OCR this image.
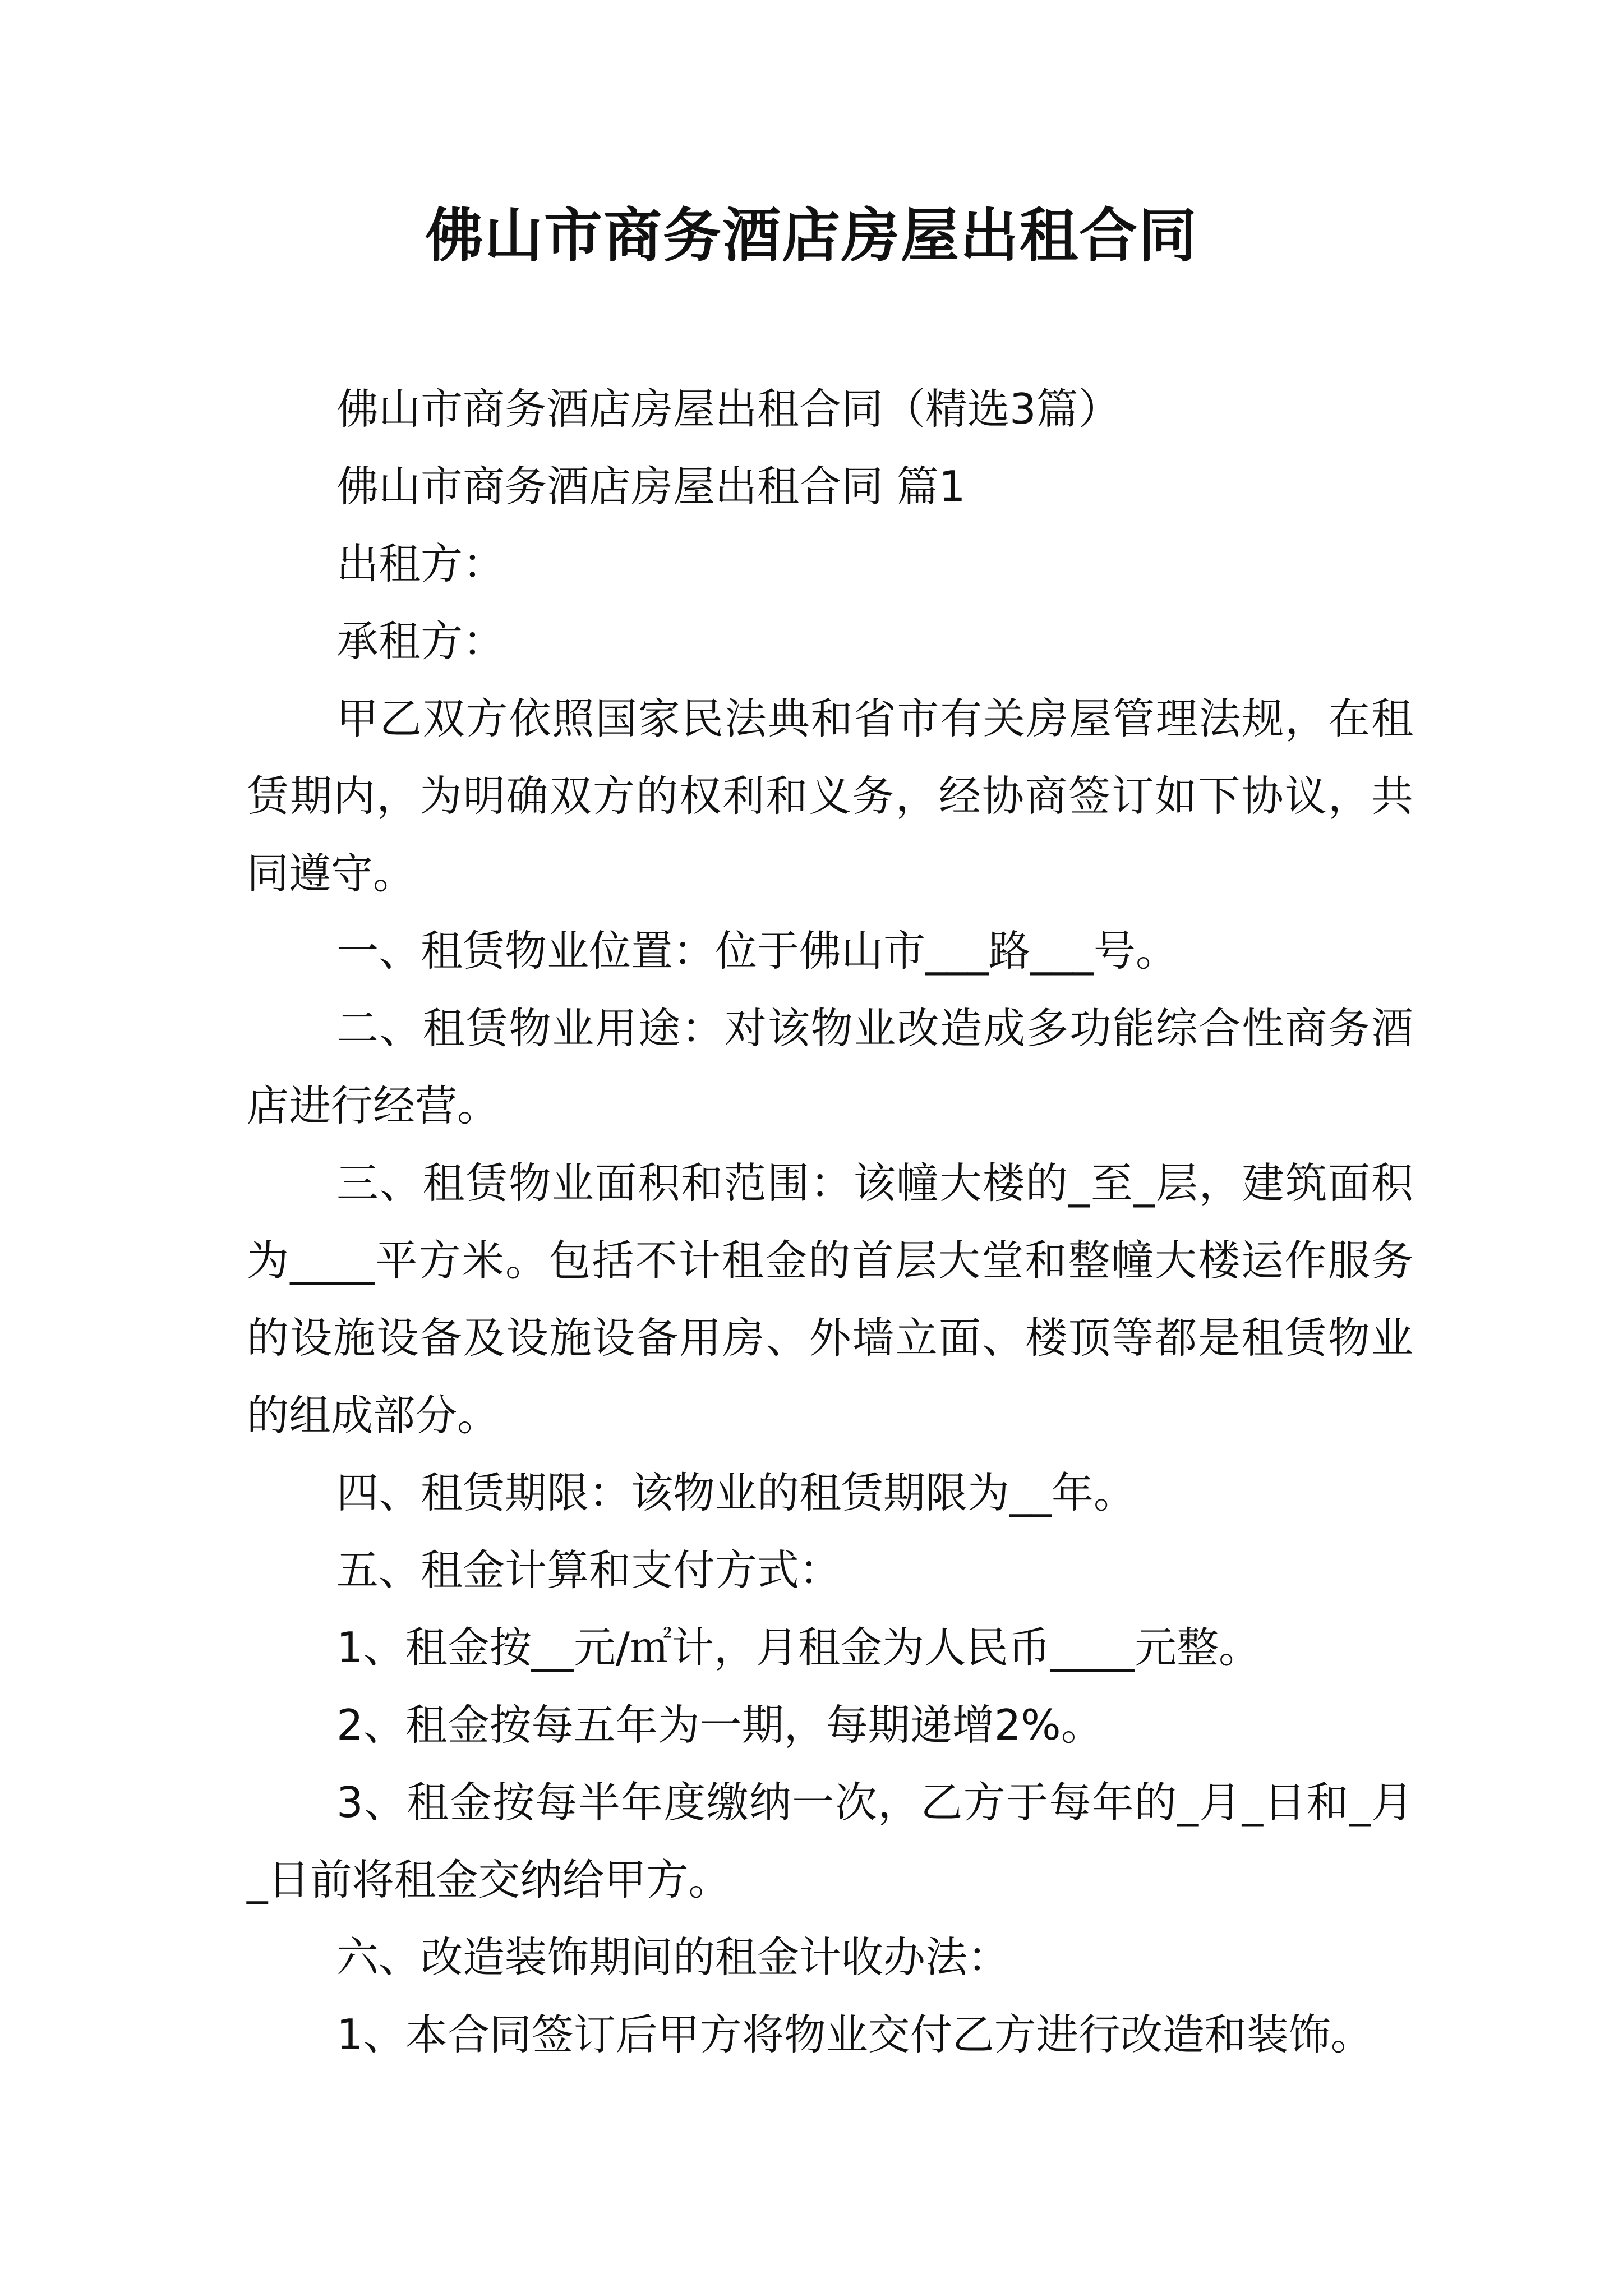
佛山市商务酒店房屋出租合同

佛山市商务酒店房屋出租合同（精选3篇）

佛山市商务酒店房屋出租合同 篇1

出租方：

承租方：

甲乙双方依照国家民法典和省市有关房屋管理法规，在租赁期内，为明确双方的权利和义务，经协商签订如下协议，共同遵守。

一、租赁物业位置：位于佛山市___路___号。

二、租赁物业用途：对该物业改造成多功能综合性商务酒店进行经营。

三、租赁物业面积和范围：该幢大楼的_至_层，建筑面积为____平方米。包括不计租金的首层大堂和整幢大楼运作服务的设施设备及设施设备用房、外墙立面、楼顶等都是租赁物业的组成部分。

四、租赁期限：该物业的租赁期限为__年。

五、租金计算和支付方式：

1、租金按__元/㎡计，月租金为人民币____元整。

2、租金按每五年为一期，每期递增2%。

3、租金按每半年度缴纳一次，乙方于每年的_月_日和_月_日前将租金交纳给甲方。

六、改造装饰期间的租金计收办法：

1、本合同签订后甲方将物业交付乙方进行改造和装饰。
